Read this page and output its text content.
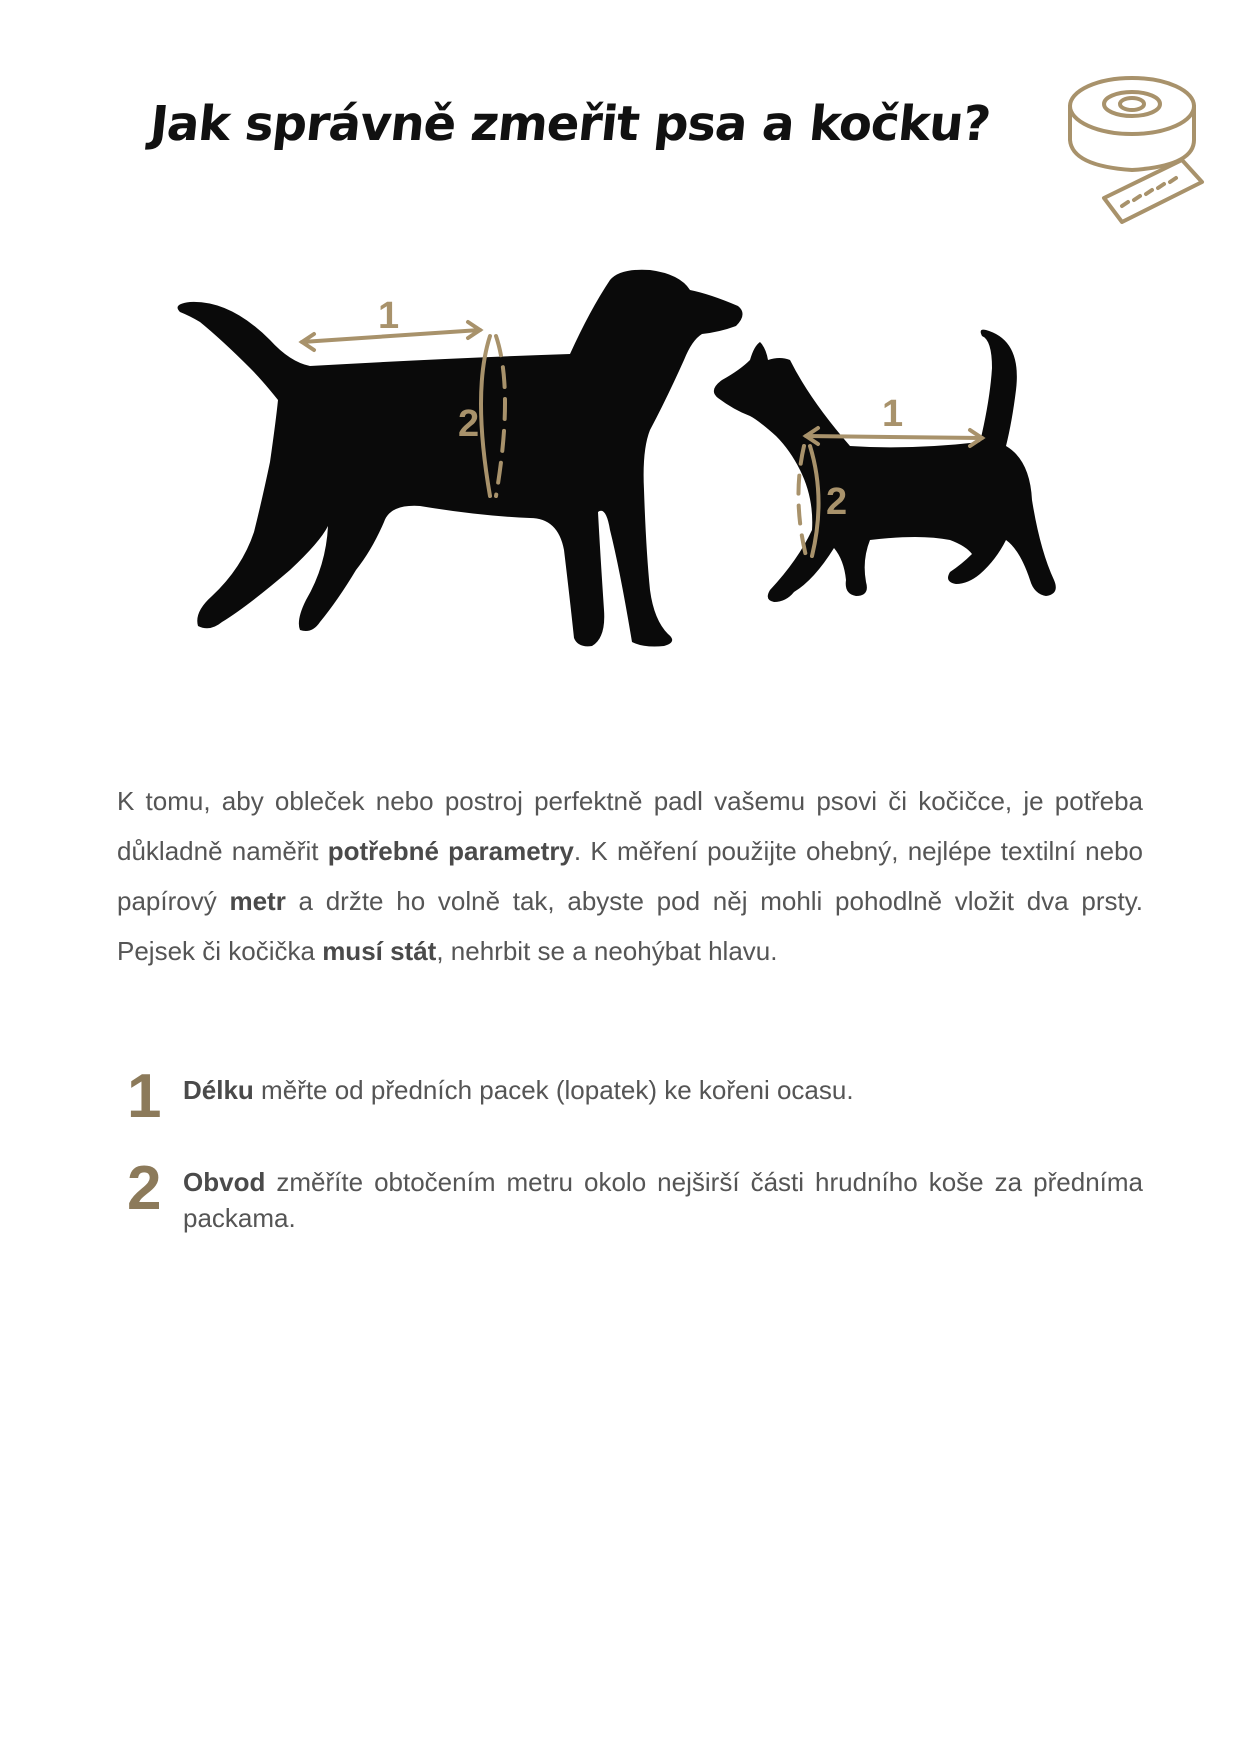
Jak správně zmeřit psa a kočku?
1
2	1
2

K tomu, aby obleček nebo postroj perfektně padl vašemu psovi či kočičce, je potřeba důkladně naměřit potřebné parametry. K měření použijte ohebný, nejlépe textilní nebo papírový metr a držte ho volně tak, abyste pod něj mohli pohodlně vložit dva prsty. Pejsek či kočička musí stát, nehrbit se a neohýbat hlavu.

1 Délku měřte od předních pacek (lopatek) ke kořeni ocasu.

2 Obvod změříte obtočením metru okolo nejširší části hrudního koše za předníma packama.
